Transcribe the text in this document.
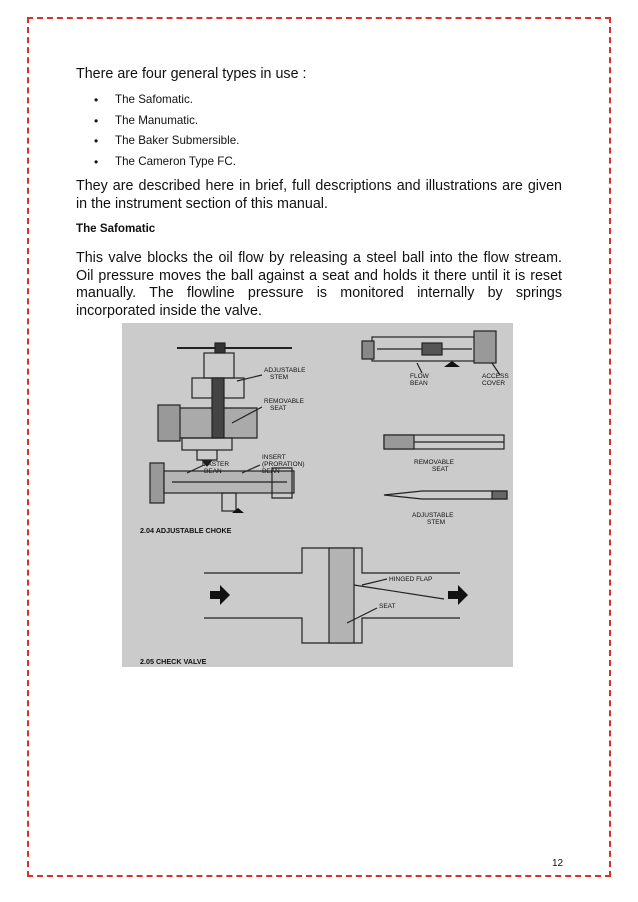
There are four general types in use :

• The Safomatic.
• The Manumatic.
• The Baker Submersible.
• The Cameron Type FC.

They are described here in brief, full descriptions and illustrations are given in the instrument section of this manual.

The Safomatic

This valve blocks the oil flow by releasing a steel ball into the flow stream. Oil pressure moves the ball against a seat and holds it there until it is reset manually. The flowline pressure is monitored internally by springs incorporated inside the valve.

ADJUSTABLE
STEM
REMOVABLE
SEAT
FLOW
BEAN
ACCESS
COVER
REMOVABLE
SEAT
ADJUSTABLE
STEM
MASTER
BEAN
INSERT
(PRORATION)
BEAN
2.04 ADJUSTABLE CHOKE
HINGED FLAP
SEAT
2.05 CHECK VALVE
12
